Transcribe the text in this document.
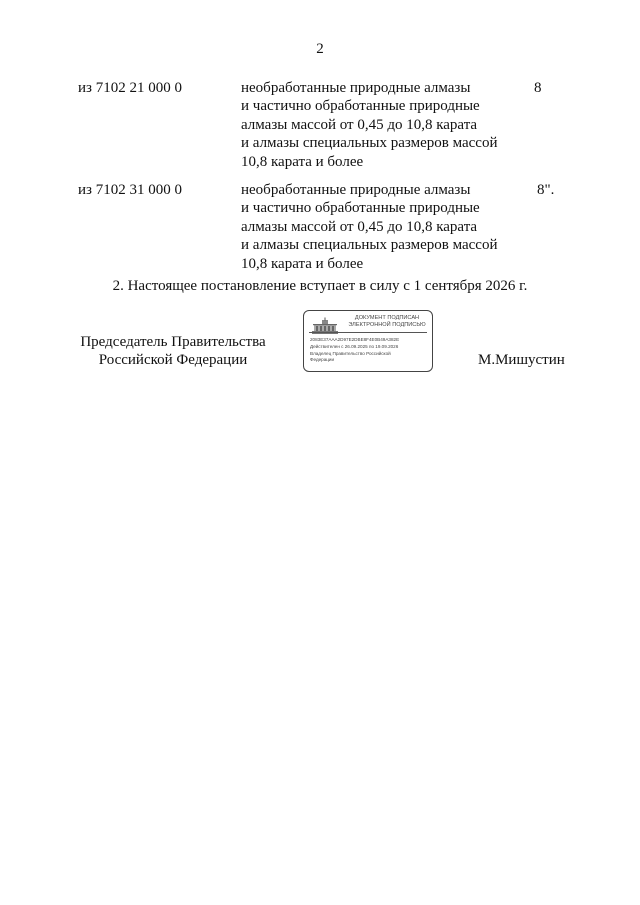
2
из 7102 21 000 0	необработанные природные алмазы
и частично обработанные природные
алмазы массой от 0,45 до 10,8 карата
и алмазы специальных размеров массой
10,8 карата и более
8
из 7102 31 000 0	необработанные природные алмазы
и частично обработанные природные
алмазы массой от 0,45 до 10,8 карата
и алмазы специальных размеров массой
10,8 карата и более
8".
2. Настоящее постановление вступает в силу с 1 сентября 2026 г.
Председатель Правительства
Российской Федерации
ДОКУМЕНТ ПОДПИСАН
ЭЛЕКТРОННОЙ ПОДПИСЬЮ
2083E37AAA2D97E2DBE8F4E0B49A382E
Действителен с 26.09.2025 по 19.09.2026
Владелец Правительство Российской
Федерации	М.Мишустин
